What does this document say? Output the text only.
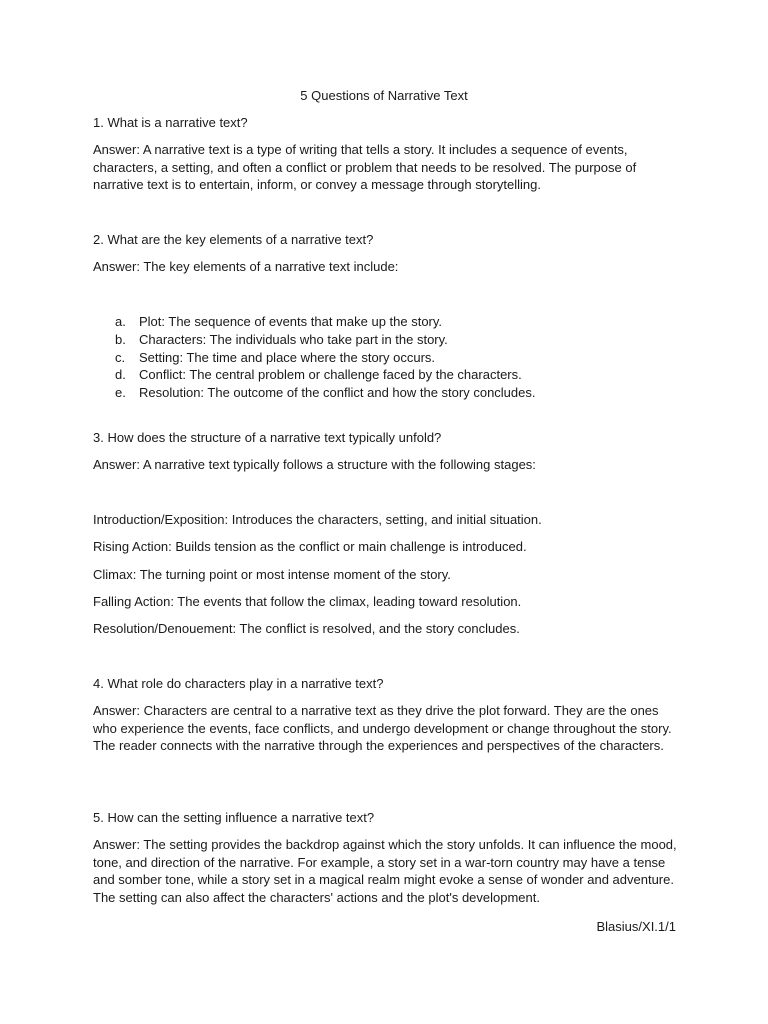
5 Questions of Narrative Text
1. What is a narrative text?
Answer: A narrative text is a type of writing that tells a story. It includes a sequence of events, characters, a setting, and often a conflict or problem that needs to be resolved. The purpose of narrative text is to entertain, inform, or convey a message through storytelling.
2. What are the key elements of a narrative text?
Answer: The key elements of a narrative text include:
a.	Plot: The sequence of events that make up the story.
b.	Characters: The individuals who take part in the story.
c.	Setting: The time and place where the story occurs.
d.	Conflict: The central problem or challenge faced by the characters.
e.	Resolution: The outcome of the conflict and how the story concludes.
3. How does the structure of a narrative text typically unfold?
Answer: A narrative text typically follows a structure with the following stages:
Introduction/Exposition: Introduces the characters, setting, and initial situation.
Rising Action: Builds tension as the conflict or main challenge is introduced.
Climax: The turning point or most intense moment of the story.
Falling Action: The events that follow the climax, leading toward resolution.
Resolution/Denouement: The conflict is resolved, and the story concludes.
4. What role do characters play in a narrative text?
Answer: Characters are central to a narrative text as they drive the plot forward. They are the ones who experience the events, face conflicts, and undergo development or change throughout the story. The reader connects with the narrative through the experiences and perspectives of the characters.
5. How can the setting influence a narrative text?
Answer: The setting provides the backdrop against which the story unfolds. It can influence the mood, tone, and direction of the narrative. For example, a story set in a war-torn country may have a tense and somber tone, while a story set in a magical realm might evoke a sense of wonder and adventure. The setting can also affect the characters' actions and the plot's development.
Blasius/XI.1/1
